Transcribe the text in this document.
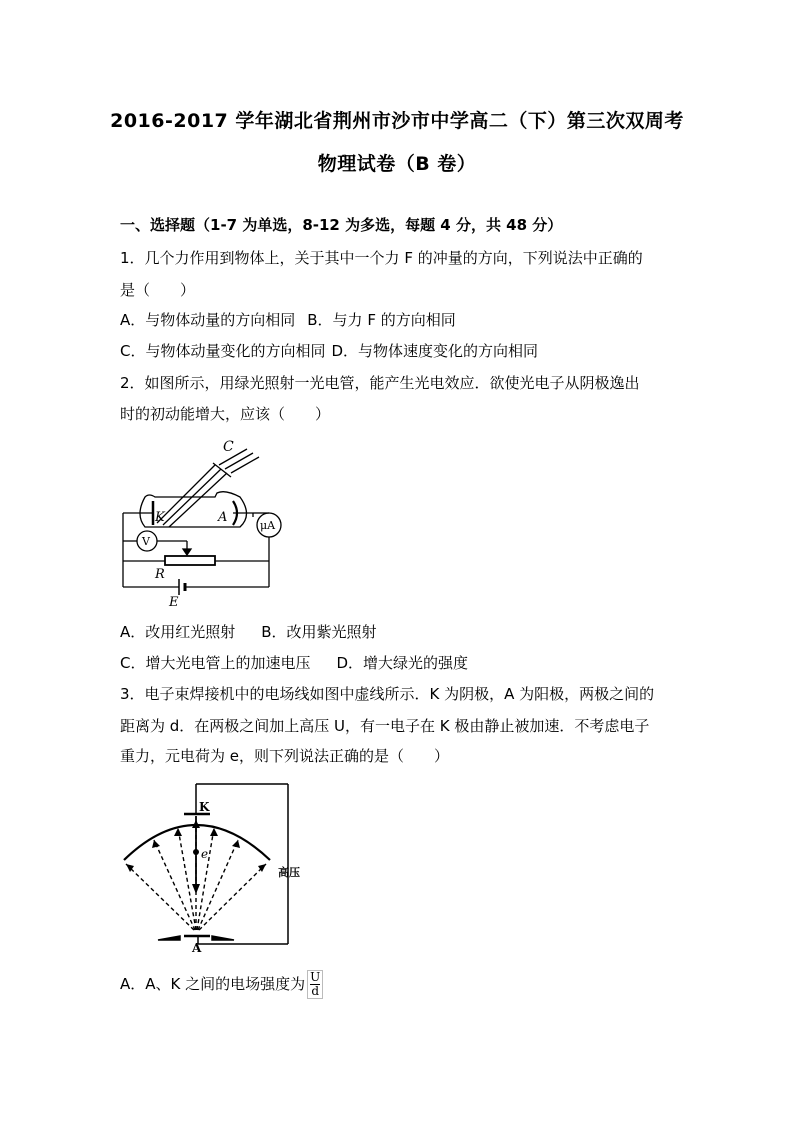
2016-2017 学年湖北省荆州市沙市中学高二（下）第三次双周考
物理试卷（B 卷）
一、选择题（1-7 为单选，8-12 为多选，每题 4 分，共 48 分）
1．几个力作用到物体上，关于其中一个力 F 的冲量的方向，下列说法中正确的
是（　　）
A．与物体动量的方向相同 B．与力 F 的方向相同
C．与物体动量变化的方向相同 D．与物体速度变化的方向相同
2．如图所示，用绿光照射一光电管，能产生光电效应．欲使光电子从阴极逸出
时的初动能增大，应该（　　）
C
K	A
μA
V
R
E
A．改用红光照射 B．改用紫光照射
C．增大光电管上的加速电压 D．增大绿光的强度
3．电子束焊接机中的电场线如图中虚线所示．K 为阴极，A 为阳极，两极之间的
距离为 d．在两极之间加上高压 U，有一电子在 K 极由静止被加速．不考虑电子
重力，元电荷为 e，则下列说法正确的是（　　）
K
e
高压
A
A．A、K 之间的电场强度为 $\frac{U}{d}$
